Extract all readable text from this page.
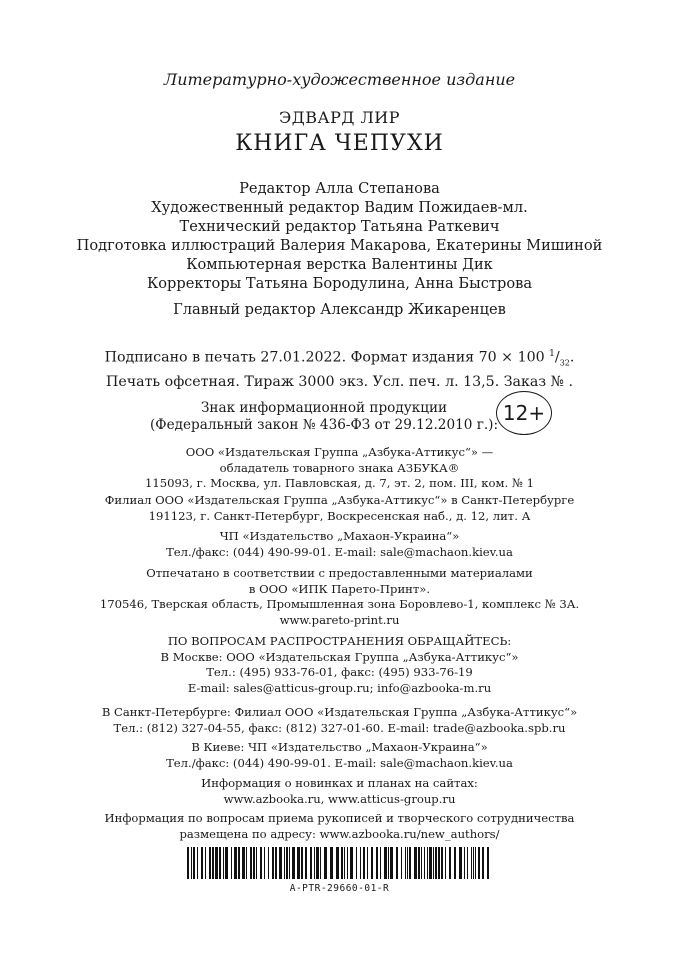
Литературно-художественное издание
ЭДВАРД ЛИР
КНИГА ЧЕПУХИ
Редактор Алла Степанова
Художественный редактор Вадим Пожидаев-мл.
Технический редактор Татьяна Раткевич
Подготовка иллюстраций Валерия Макарова, Екатерины Мишиной
Компьютерная верстка Валентины Дик
Корректоры Татьяна Бородулина, Анна Быстрова
Главный редактор Александр Жикаренцев
Подписано в печать 27.01.2022. Формат издания 70 × 100 $^1/_{32}$.
Печать офсетная. Тираж 3000 экз. Усл. печ. л. 13,5. Заказ № .
Знак информационной продукции
(Федеральный закон № 436-ФЗ от 29.12.2010 г.): 12+
ООО «Издательская Группа „Азбука-Аттикус“» —
обладатель товарного знака АЗБУКА®
115093, г. Москва, ул. Павловская, д. 7, эт. 2, пом. III, ком. № 1
Филиал ООО «Издательская Группа „Азбука-Аттикус“» в Санкт-Петербурге
191123, г. Санкт-Петербург, Воскресенская наб., д. 12, лит. А
ЧП «Издательство „Махаон-Украина“»
Тел./факс: (044) 490-99-01. E-mail: sale@machaon.kiev.ua
Отпечатано в соответствии с предоставленными материалами
в ООО «ИПК Парето-Принт».
170546, Тверская область, Промышленная зона Боровлево-1, комплекс № 3А.
www.pareto-print.ru
ПО ВОПРОСАМ РАСПРОСТРАНЕНИЯ ОБРАЩАЙТЕСЬ:
В Москве: ООО «Издательская Группа „Азбука-Аттикус“»
Тел.: (495) 933-76-01, факс: (495) 933-76-19
E-mail: sales@atticus-group.ru; info@azbooka-m.ru
В Санкт-Петербурге: Филиал ООО «Издательская Группа „Азбука-Аттикус“»
Тел.: (812) 327-04-55, факс: (812) 327-01-60. E-mail: trade@azbooka.spb.ru
В Киеве: ЧП «Издательство „Махаон-Украина“»
Тел./факс: (044) 490-99-01. E-mail: sale@machaon.kiev.ua
Информация о новинках и планах на сайтах:
www.azbooka.ru, www.atticus-group.ru
Информация по вопросам приема рукописей и творческого сотрудничества
размещена по адресу: www.azbooka.ru/new_authors/
A-PTR-29660-01-R
